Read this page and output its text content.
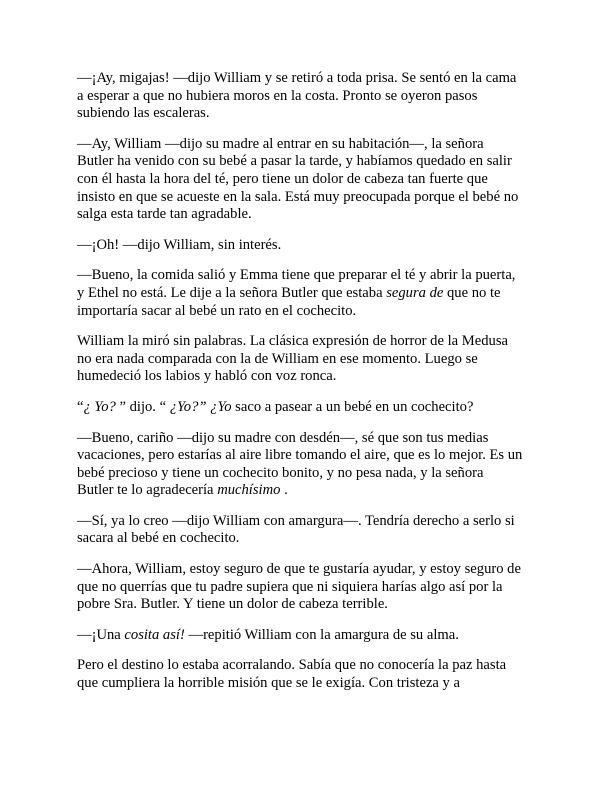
—¡Ay, migajas! —dijo William y se retiró a toda prisa. Se sentó en la cama
a esperar a que no hubiera moros en la costa. Pronto se oyeron pasos
subiendo las escaleras.

—Ay, William —dijo su madre al entrar en su habitación—, la señora
Butler ha venido con su bebé a pasar la tarde, y habíamos quedado en salir
con él hasta la hora del té, pero tiene un dolor de cabeza tan fuerte que
insisto en que se acueste en la sala. Está muy preocupada porque el bebé no
salga esta tarde tan agradable.

—¡Oh! —dijo William, sin interés.

—Bueno, la comida salió y Emma tiene que preparar el té y abrir la puerta,
y Ethel no está. Le dije a la señora Butler que estaba segura de que no te
importaría sacar al bebé un rato en el cochecito.

William la miró sin palabras. La clásica expresión de horror de la Medusa
no era nada comparada con la de William en ese momento. Luego se
humedeció los labios y habló con voz ronca.

“¿ Yo? ” dijo. “ ¿Yo?” ¿Yo saco a pasear a un bebé en un cochecito?

—Bueno, cariño —dijo su madre con desdén—, sé que son tus medias
vacaciones, pero estarías al aire libre tomando el aire, que es lo mejor. Es un
bebé precioso y tiene un cochecito bonito, y no pesa nada, y la señora
Butler te lo agradecería muchísimo .

—Sí, ya lo creo —dijo William con amargura—. Tendría derecho a serlo si
sacara al bebé en cochecito.

—Ahora, William, estoy seguro de que te gustaría ayudar, y estoy seguro de
que no querrías que tu padre supiera que ni siquiera harías algo así por la
pobre Sra. Butler. Y tiene un dolor de cabeza terrible.

—¡Una cosita así! —repitió William con la amargura de su alma.

Pero el destino lo estaba acorralando. Sabía que no conocería la paz hasta
que cumpliera la horrible misión que se le exigía. Con tristeza y a
